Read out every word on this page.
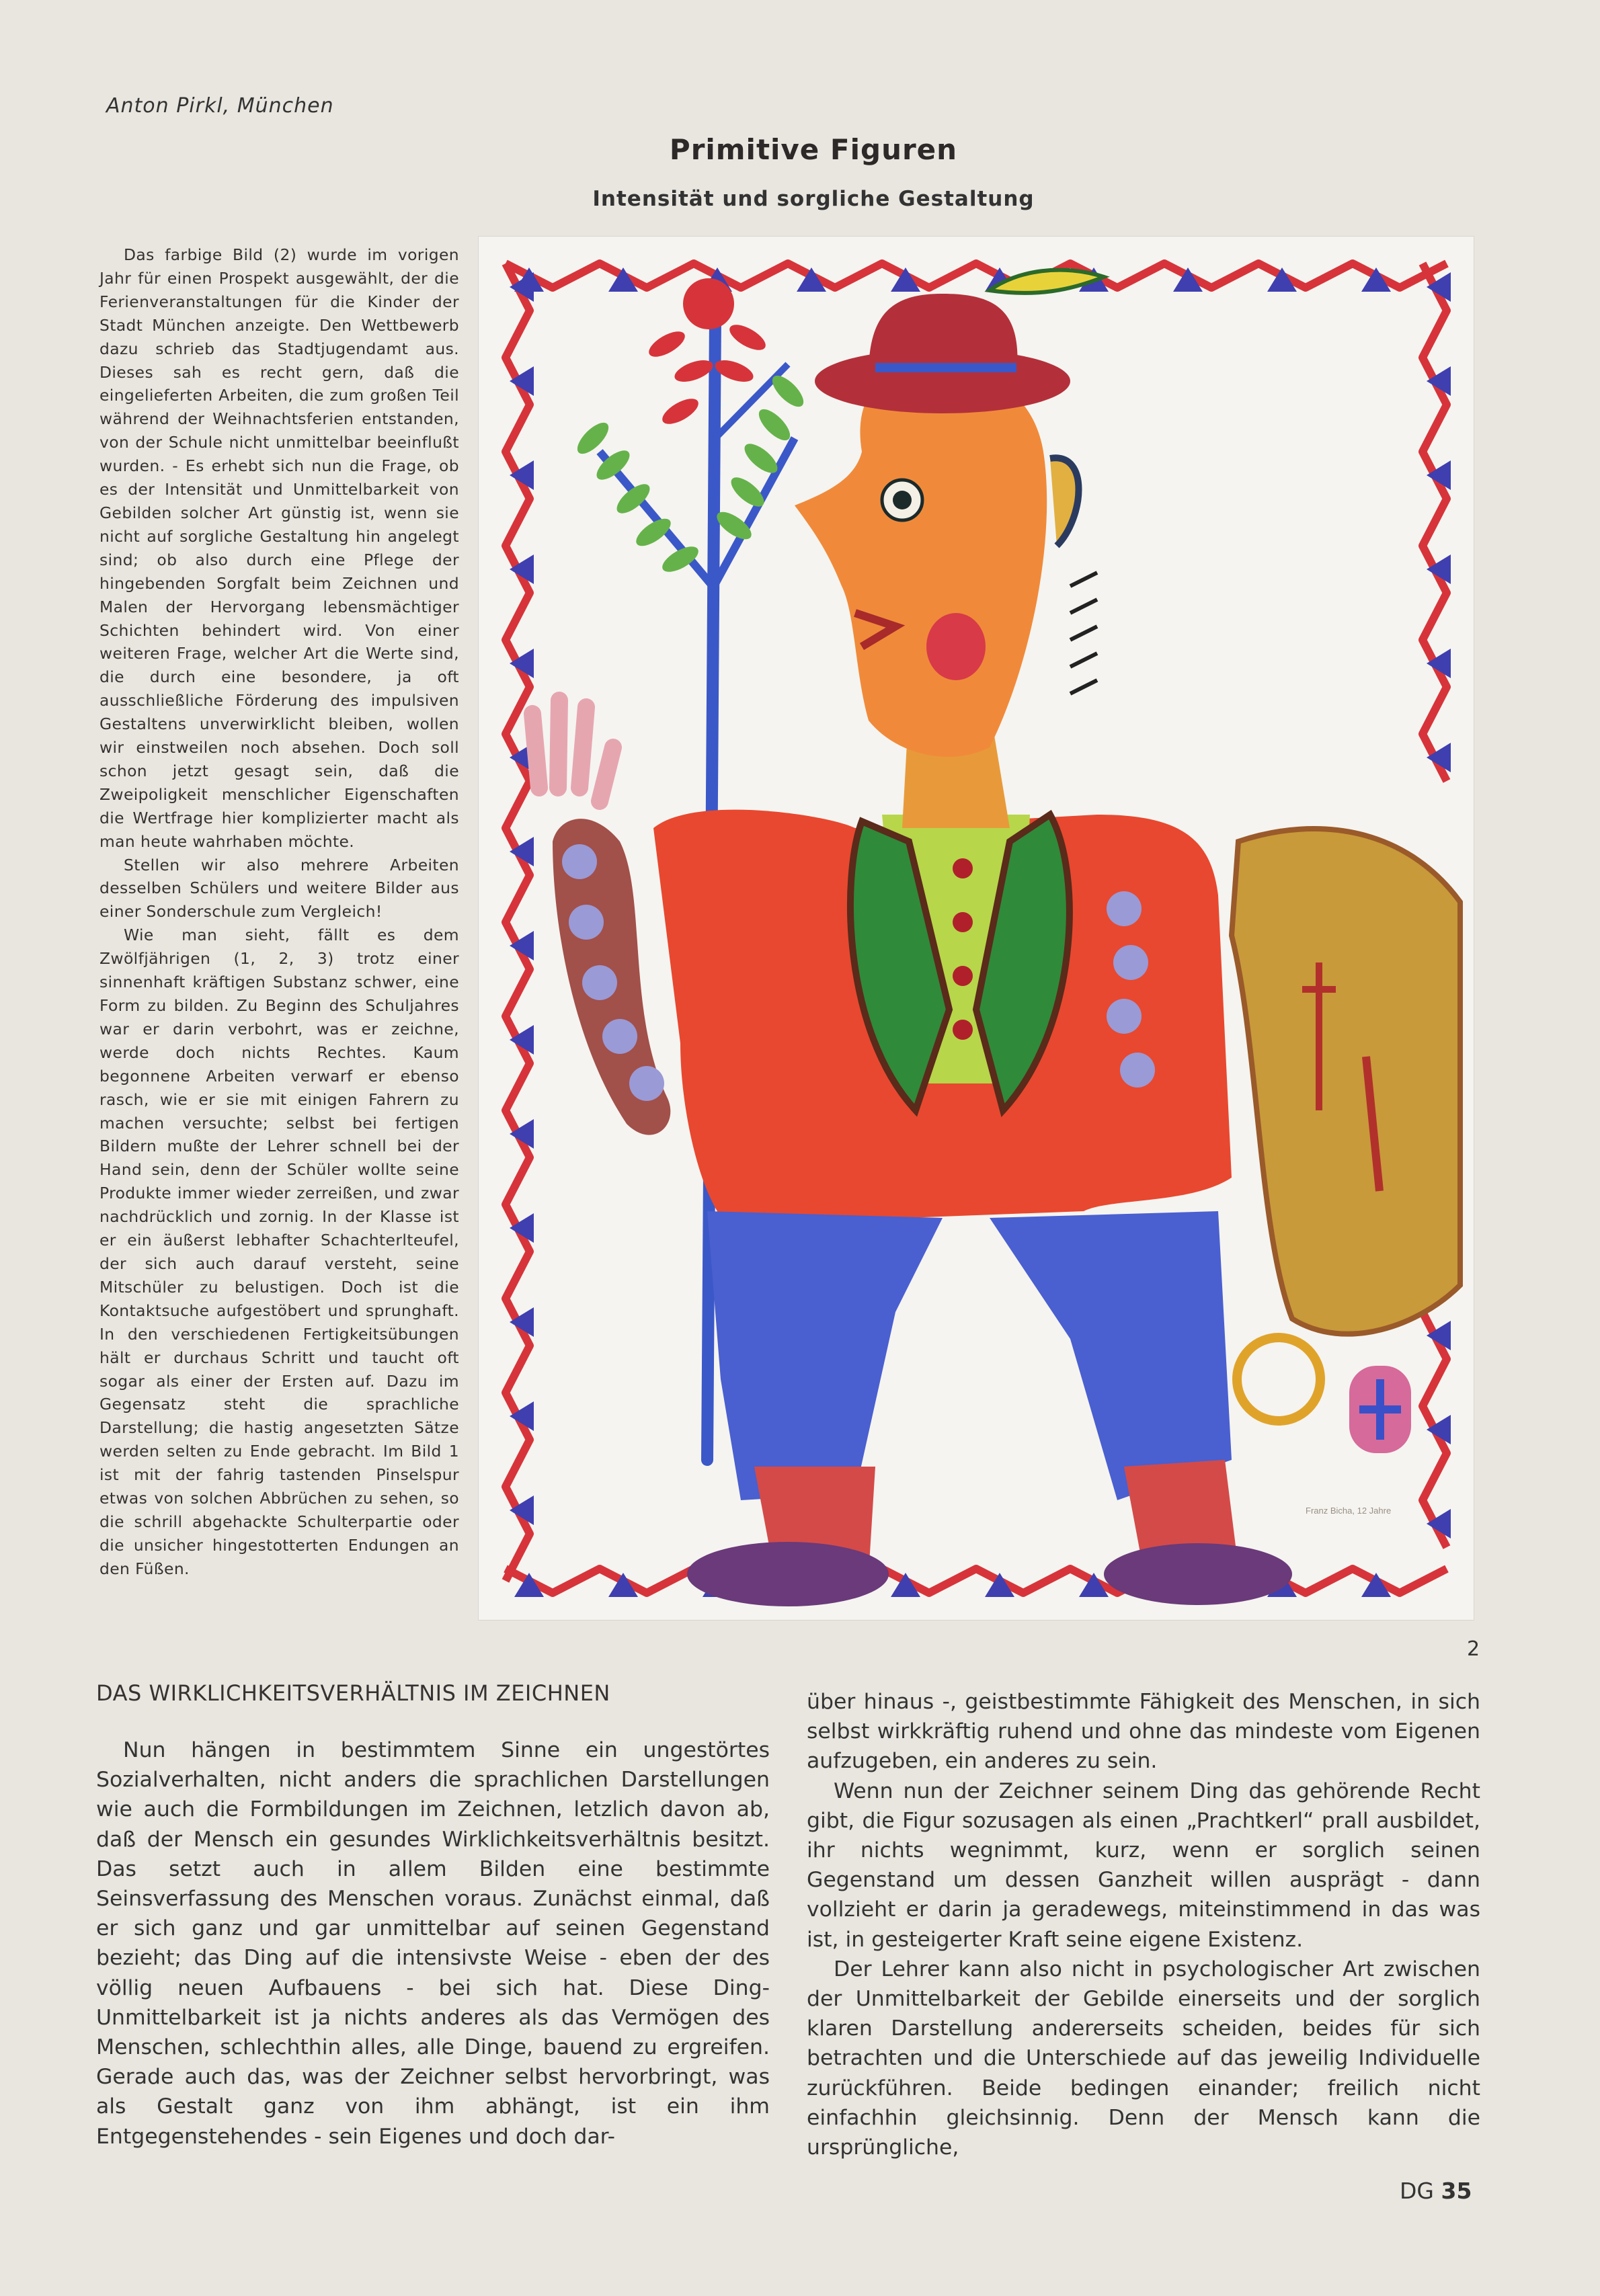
Anton Pirkl, München
Primitive Figuren
Intensität und sorgliche Gestaltung

Das farbige Bild (2) wurde im vorigen Jahr für einen Prospekt ausgewählt, der die Ferienveranstaltungen für die Kinder der Stadt München anzeigte. Den Wettbewerb dazu schrieb das Stadtjugendamt aus. Dieses sah es recht gern, daß die eingelieferten Arbeiten, die zum großen Teil während der Weihnachtsferien entstanden, von der Schule nicht unmittelbar beeinflußt wurden. - Es erhebt sich nun die Frage, ob es der Intensität und Unmittelbarkeit von Gebilden solcher Art günstig ist, wenn sie nicht auf sorgliche Gestaltung hin angelegt sind; ob also durch eine Pflege der hingebenden Sorgfalt beim Zeichnen und Malen der Hervorgang lebensmächtiger Schichten behindert wird. Von einer weiteren Frage, welcher Art die Werte sind, die durch eine besondere, ja oft ausschließliche Förderung des impulsiven Gestaltens unverwirklicht bleiben, wollen wir einstweilen noch absehen. Doch soll schon jetzt gesagt sein, daß die Zweipoligkeit menschlicher Eigenschaften die Wertfrage hier komplizierter macht als man heute wahrhaben möchte.

Stellen wir also mehrere Arbeiten desselben Schülers und weitere Bilder aus einer Sonderschule zum Vergleich!

Wie man sieht, fällt es dem Zwölfjährigen (1, 2, 3) trotz einer sinnenhaft kräftigen Substanz schwer, eine Form zu bilden. Zu Beginn des Schuljahres war er darin verbohrt, was er zeichne, werde doch nichts Rechtes. Kaum begonnene Arbeiten verwarf er ebenso rasch, wie er sie mit einigen Fahrern zu machen versuchte; selbst bei fertigen Bildern mußte der Lehrer schnell bei der Hand sein, denn der Schüler wollte seine Produkte immer wieder zerreißen, und zwar nachdrücklich und zornig. In der Klasse ist er ein äußerst lebhafter Schachterlteufel, der sich auch darauf versteht, seine Mitschüler zu belustigen. Doch ist die Kontaktsuche aufgestöbert und sprunghaft. In den verschiedenen Fertigkeitsübungen hält er durchaus Schritt und taucht oft sogar als einer der Ersten auf. Dazu im Gegensatz steht die sprachliche Darstellung; die hastig angesetzten Sätze werden selten zu Ende gebracht. Im Bild 1 ist mit der fahrig tastenden Pinselspur etwas von solchen Abbrüchen zu sehen, so die schrill abgehackte Schulterpartie oder die unsicher hingestotterten Endungen an den Füßen.

Franz Bicha, 12 Jahre
2
DAS WIRKLICHKEITSVERHÄLTNIS IM ZEICHNEN

Nun hängen in bestimmtem Sinne ein ungestörtes Sozialverhalten, nicht anders die sprachlichen Darstellungen wie auch die Formbildungen im Zeichnen, letzlich davon ab, daß der Mensch ein gesundes Wirklichkeitsverhältnis besitzt. Das setzt auch in allem Bilden eine bestimmte Seinsverfassung des Menschen voraus. Zunächst einmal, daß er sich ganz und gar unmittelbar auf seinen Gegenstand bezieht; das Ding auf die intensivste Weise - eben der des völlig neuen Aufbauens - bei sich hat. Diese Ding-Unmittelbarkeit ist ja nichts anderes als das Vermögen des Menschen, schlechthin alles, alle Dinge, bauend zu ergreifen. Gerade auch das, was der Zeichner selbst hervorbringt, was als Gestalt ganz von ihm abhängt, ist ein ihm Entgegenstehendes - sein Eigenes und doch dar-

über hinaus -, geistbestimmte Fähigkeit des Menschen, in sich selbst wirkkräftig ruhend und ohne das mindeste vom Eigenen aufzugeben, ein anderes zu sein.

Wenn nun der Zeichner seinem Ding das gehörende Recht gibt, die Figur sozusagen als einen „Prachtkerl“ prall ausbildet, ihr nichts wegnimmt, kurz, wenn er sorglich seinen Gegenstand um dessen Ganzheit willen ausprägt - dann vollzieht er darin ja geradewegs, miteinstimmend in das was ist, in gesteigerter Kraft seine eigene Existenz.

Der Lehrer kann also nicht in psychologischer Art zwischen der Unmittelbarkeit der Gebilde einerseits und der sorglich klaren Darstellung andererseits scheiden, beides für sich betrachten und die Unterschiede auf das jeweilig Individuelle zurückführen. Beide bedingen einander; freilich nicht einfachhin gleichsinnig. Denn der Mensch kann die ursprüngliche,

DG 35
